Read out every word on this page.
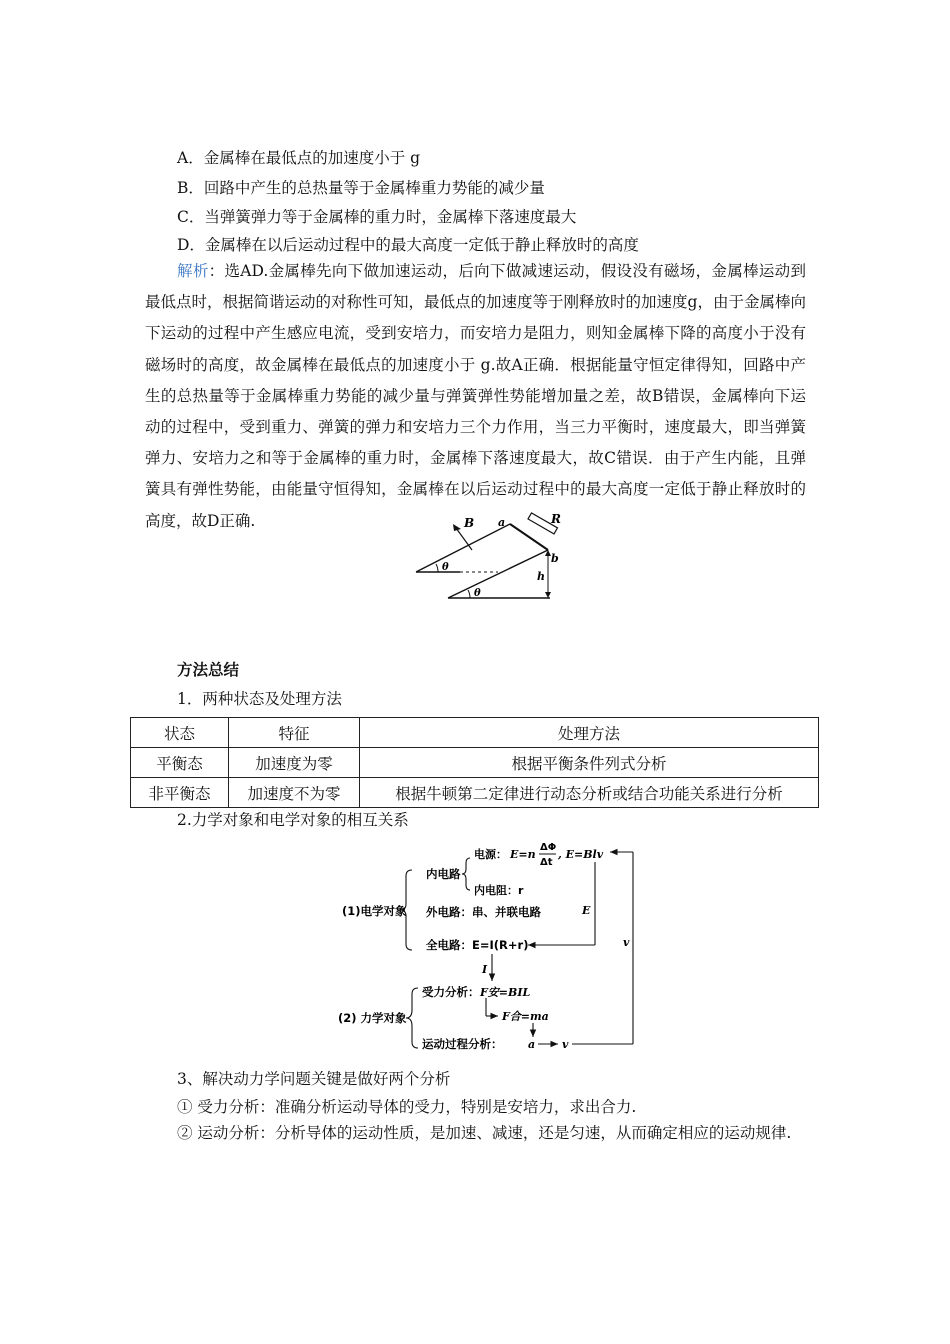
A．金属棒在最低点的加速度小于 g
B．回路中产生的总热量等于金属棒重力势能的减少量
C．当弹簧弹力等于金属棒的重力时，金属棒下落速度最大
D．金属棒在以后运动过程中的最大高度一定低于静止释放时的高度
解析：选AD.金属棒先向下做加速运动，后向下做减速运动，假设没有磁场，金属棒运动到最低点时，根据简谐运动的对称性可知，最低点的加速度等于刚释放时的加速度g，由于金属棒向下运动的过程中产生感应电流，受到安培力，而安培力是阻力，则知金属棒下降的高度小于没有磁场时的高度，故金属棒在最低点的加速度小于 g.故A正确．根据能量守恒定律得知，回路中产生的总热量等于金属棒重力势能的减少量与弹簧弹性势能增加量之差，故B错误，金属棒向下运动的过程中，受到重力、弹簧的弹力和安培力三个力作用，当三力平衡时，速度最大，即当弹簧弹力、安培力之和等于金属棒的重力时，金属棒下落速度最大，故C错误．由于产生内能，且弹簧具有弹性势能，由能量守恒得知，金属棒在以后运动过程中的最大高度一定低于静止释放时的高度，故D正确.	B a	R
b
h
θ
θ
方法总结
1．两种状态及处理方法
状态	特征	处理方法
平衡态	加速度为零	根据平衡条件列式分析
非平衡态	加速度不为零	根据牛顿第二定律进行动态分析或结合功能关系进行分析
2.力学对象和电学对象的相互关系
(1)电学对象
内电路
电源： E=n
ΔΦ
Δt
, E=Blv
内电阻：r
外电路：串、并联电路	E
全电路：E=I(R+r)
I
v
(2) 力学对象
受力分析： F安=BIL
F合=ma
运动过程分析： a v
3、解决动力学问题关键是做好两个分析
① 受力分析：准确分析运动导体的受力，特别是安培力，求出合力.
② 运动分析：分析导体的运动性质，是加速、减速，还是匀速，从而确定相应的运动规律.
